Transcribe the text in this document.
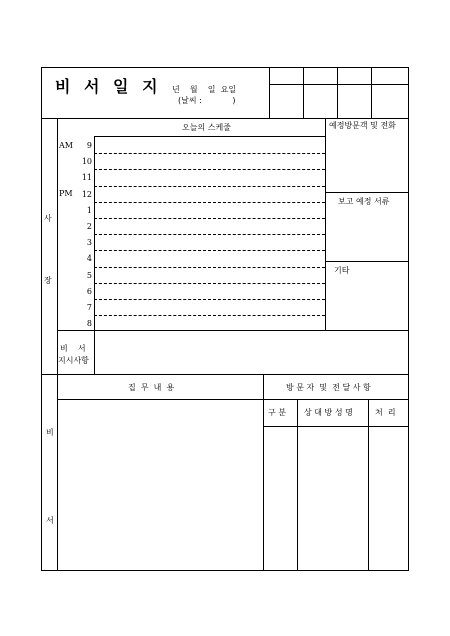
비 서 일 지 년    월    일  요일
(날씨 :            )
사
장
오늘의 스케줄
AM
PM
9
10
11
12
1
2
3
4
5
6
7
8
예정방문객 및 전화
보고 예정 서류
기타
비    서
지시사항
비
서
집  무  내  용	방 문 자  및  전 달 사 항
구 분 상 대 방 성 명	처  리
